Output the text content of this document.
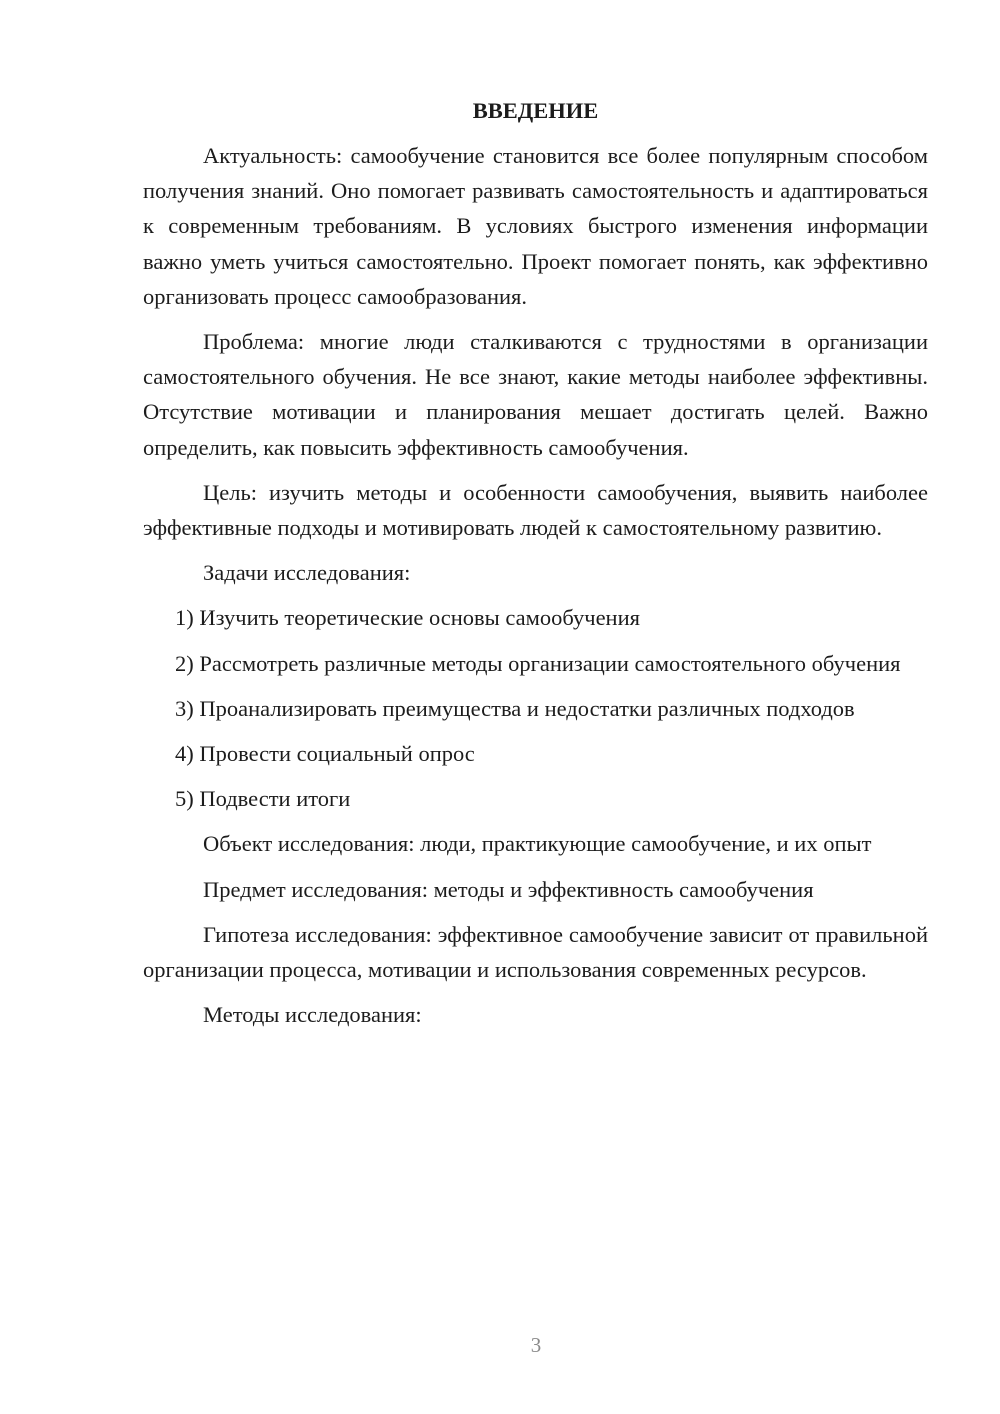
ВВЕДЕНИЕ

Актуальность: самообучение становится все более популярным способом получения знаний. Оно помогает развивать самостоятельность и адаптироваться к современным требованиям. В условиях быстрого изменения информации важно уметь учиться самостоятельно. Проект помогает понять, как эффективно организовать процесс самообразования.

Проблема: многие люди сталкиваются с трудностями в организации самостоятельного обучения. Не все знают, какие методы наиболее эффективны. Отсутствие мотивации и планирования мешает достигать целей. Важно определить, как повысить эффективность самообучения.

Цель: изучить методы и особенности самообучения, выявить наиболее эффективные подходы и мотивировать людей к самостоятельному развитию.

Задачи исследования:

1) Изучить теоретические основы самообучения

2) Рассмотреть различные методы организации самостоятельного обучения

3) Проанализировать преимущества и недостатки различных подходов

4) Провести социальный опрос

5) Подвести итоги

Объект исследования: люди, практикующие самообучение, и их опыт

Предмет исследования: методы и эффективность самообучения

Гипотеза исследования: эффективное самообучение зависит от правильной организации процесса, мотивации и использования современных ресурсов.

Методы исследования:

3
